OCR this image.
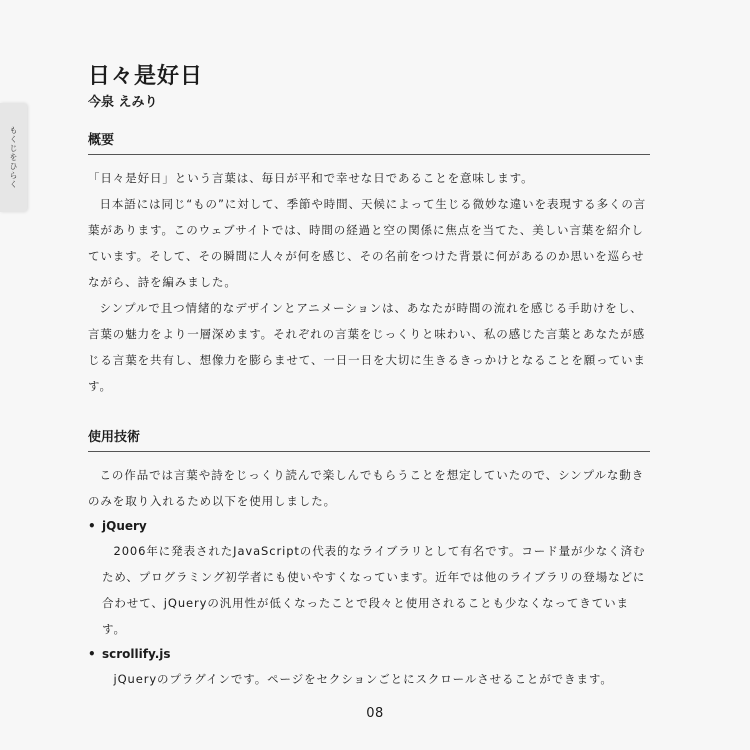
もくじをひらく
日々是好日
今泉 えみり
概要

「日々是好日」という言葉は、毎日が平和で幸せな日であることを意味します。

日本語には同じ“もの”に対して、季節や時間、天候によって生じる微妙な違いを表現する多くの言葉があります。このウェブサイトでは、時間の経過と空の関係に焦点を当てた、美しい言葉を紹介しています。そして、その瞬間に人々が何を感じ、その名前をつけた背景に何があるのか思いを巡らせながら、詩を編みました。

シンプルで且つ情緒的なデザインとアニメーションは、あなたが時間の流れを感じる手助けをし、言葉の魅力をより一層深めます。それぞれの言葉をじっくりと味わい、私の感じた言葉とあなたが感じる言葉を共有し、想像力を膨らませて、一日一日を大切に生きるきっかけとなることを願っています。

使用技術

この作品では言葉や詩をじっくり読んで楽しんでもらうことを想定していたので、シンプルな動きのみを取り入れるため以下を使用しました。

• jQuery

2006年に発表されたJavaScriptの代表的なライブラリとして有名です。コード量が少なく済むため、プログラミング初学者にも使いやすくなっています。近年では他のライブラリの登場などに合わせて、jQueryの汎用性が低くなったことで段々と使用されることも少なくなってきています。

• scrollify.js

jQueryのプラグインです。ページをセクションごとにスクロールさせることができます。

08
